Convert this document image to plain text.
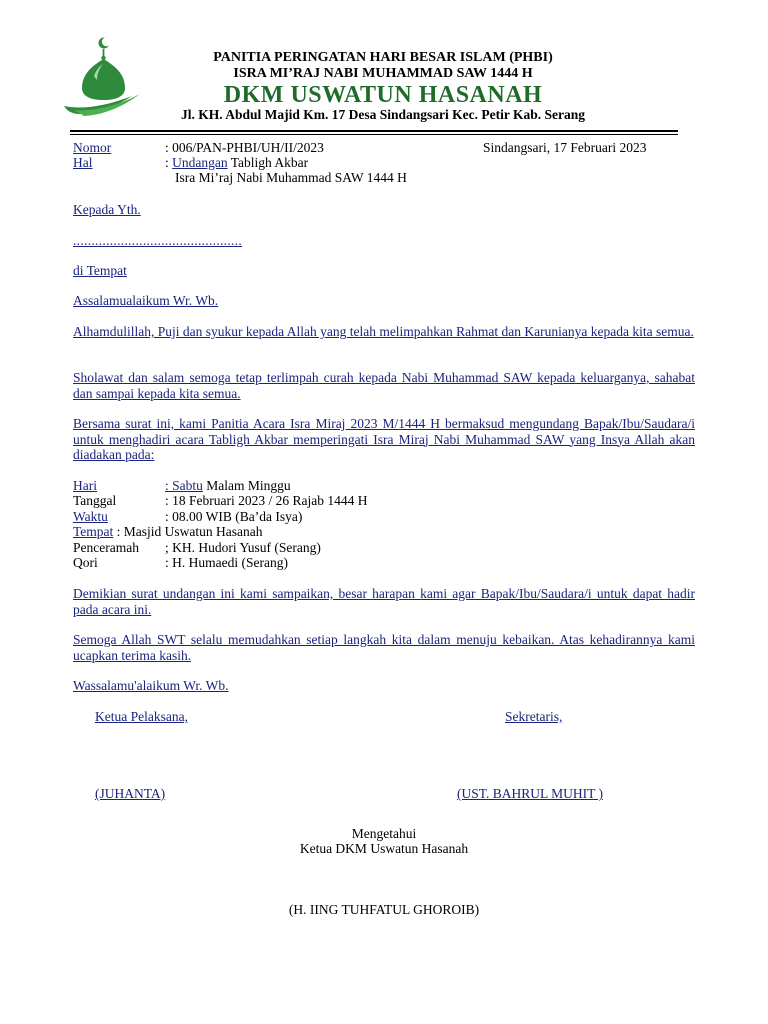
PANITIA PERINGATAN HARI BESAR ISLAM (PHBI)
ISRA MI’RAJ NABI MUHAMMAD SAW 1444 H
DKM USWATUN HASANAH
Jl. KH. Abdul Majid Km. 17 Desa Sindangsari Kec. Petir Kab. Serang
Nomor	: 006/PAN-PHBI/UH/II/2023	Sindangsari, 17 Februari 2023
Hal	: Undangan Tabligh Akbar
Isra Mi’raj Nabi Muhammad SAW 1444 H
Kepada Yth.
..............................................
di Tempat
Assalamualaikum Wr. Wb.
Alhamdulillah, Puji dan syukur kepada Allah yang telah melimpahkan Rahmat dan Karunianya kepada kita semua.
Sholawat dan salam semoga tetap terlimpah curah kepada Nabi Muhammad SAW kepada keluarganya, sahabat dan sampai kepada kita semua.
Bersama surat ini, kami Panitia Acara Isra Miraj 2023 M/1444 H bermaksud mengundang Bapak/Ibu/Saudara/i untuk menghadiri acara Tabligh Akbar memperingati Isra Miraj Nabi Muhammad SAW yang Insya Allah akan diadakan pada:
Hari	: Sabtu Malam Minggu
Tanggal	: 18 Februari 2023 / 26 Rajab 1444 H
Waktu	: 08.00 WIB (Ba’da Isya)
Tempat : Masjid Uswatun Hasanah
Penceramah ; KH. Hudori Yusuf (Serang)
Qori	: H. Humaedi (Serang)
Demikian surat undangan ini kami sampaikan, besar harapan kami agar Bapak/Ibu/Saudara/i untuk dapat hadir pada acara ini.
Semoga Allah SWT selalu memudahkan setiap langkah kita dalam menuju kebaikan. Atas kehadirannya kami ucapkan terima kasih.
Wassalamu'alaikum Wr. Wb.
Ketua Pelaksana,	Sekretaris,
(JUHANTA)	(UST. BAHRUL MUHIT )
Mengetahui
Ketua DKM Uswatun Hasanah
(H. IING TUHFATUL GHOROIB)
